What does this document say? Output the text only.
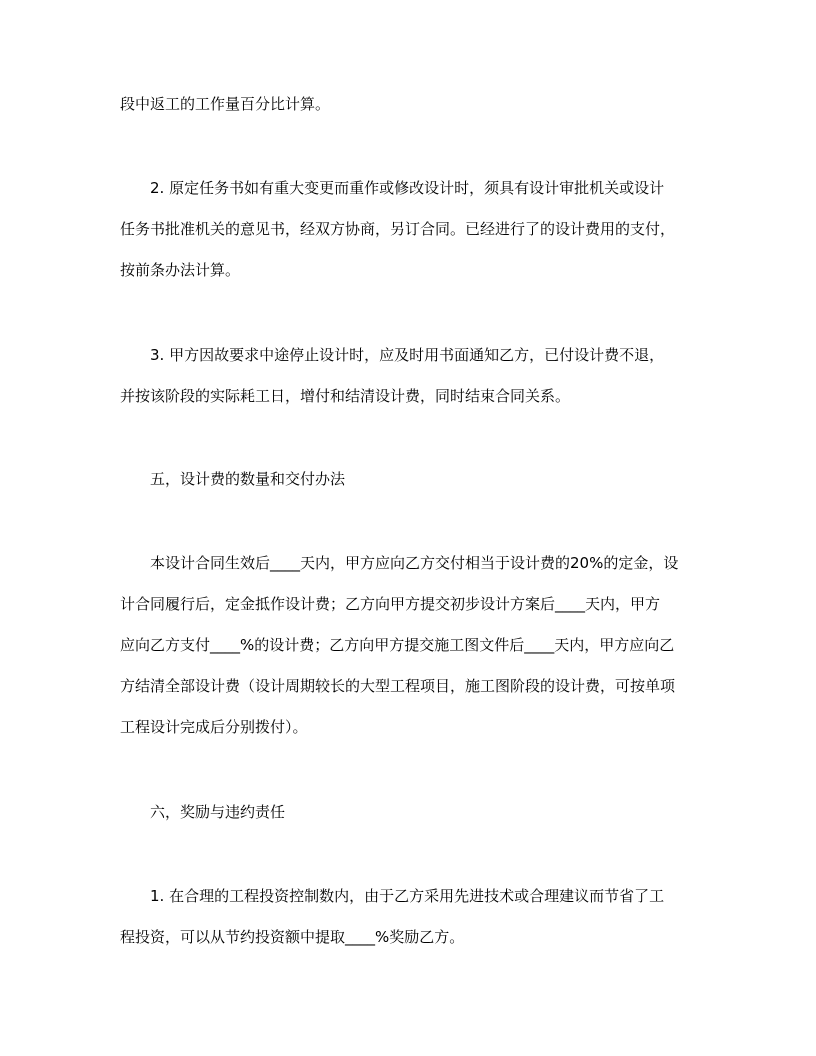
段中返工的工作量百分比计算。

2. 原定任务书如有重大变更而重作或修改设计时，须具有设计审批机关或设计
任务书批准机关的意见书，经双方协商，另订合同。已经进行了的设计费用的支付，
按前条办法计算。

3. 甲方因故要求中途停止设计时，应及时用书面通知乙方，已付设计费不退，
并按该阶段的实际耗工日，增付和结清设计费，同时结束合同关系。

五，设计费的数量和交付办法

本设计合同生效后____天内，甲方应向乙方交付相当于设计费的20%的定金，设
计合同履行后，定金抵作设计费；乙方向甲方提交初步设计方案后____天内，甲方
应向乙方支付____%的设计费；乙方向甲方提交施工图文件后____天内，甲方应向乙
方结清全部设计费（设计周期较长的大型工程项目，施工图阶段的设计费，可按单项
工程设计完成后分别拨付）。

六，奖励与违约责任

1. 在合理的工程投资控制数内，由于乙方采用先进技术或合理建议而节省了工
程投资，可以从节约投资额中提取____%奖励乙方。
